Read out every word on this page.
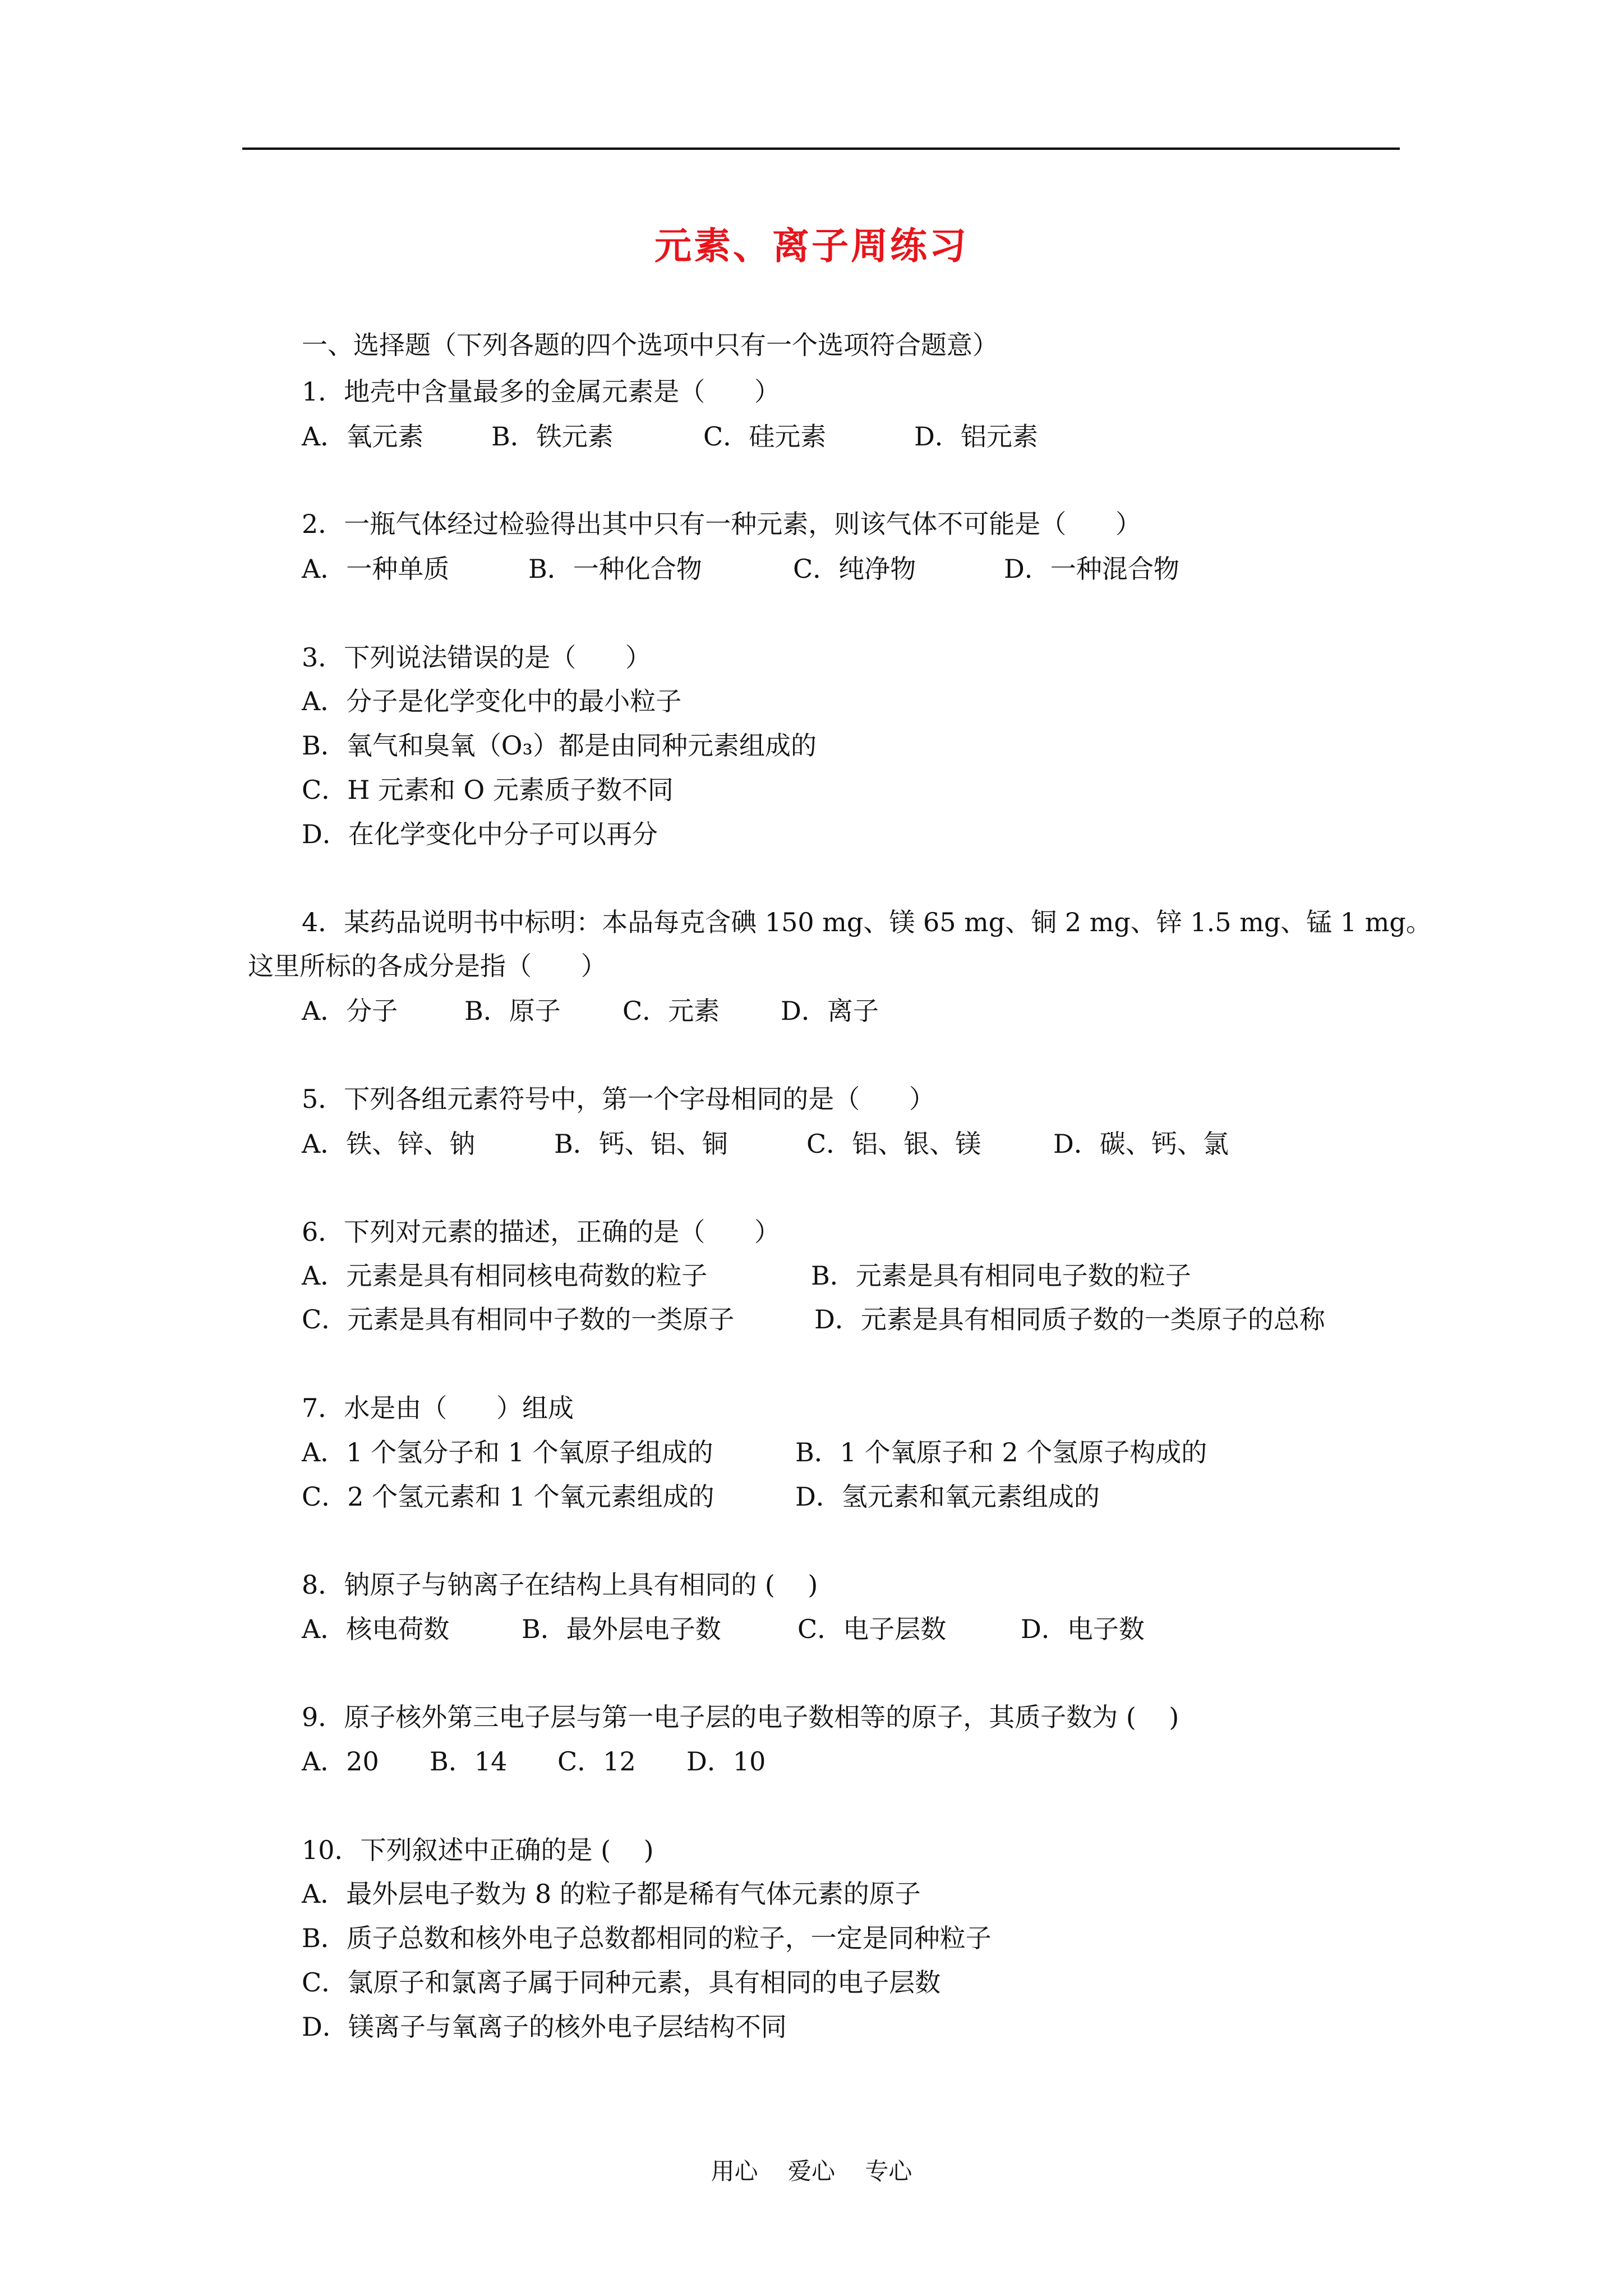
元素、离子周练习
一、选择题（下列各题的四个选项中只有一个选项符合题意）
1．地壳中含量最多的金属元素是（      ）
A．氧元素	B．铁元素	C．硅元素	D．铝元素
2．一瓶气体经过检验得出其中只有一种元素，则该气体不可能是（      ）
A．一种单质	B．一种化合物	C．纯净物	D．一种混合物
3．下列说法错误的是（      ）
A．分子是化学变化中的最小粒子
B．氧气和臭氧（O₃）都是由同种元素组成的
C．H 元素和 O 元素质子数不同
D．在化学变化中分子可以再分
4．某药品说明书中标明：本品每克含碘 150 mg、镁 65 mg、铜 2 mg、锌 1.5 mg、锰 1 mg。
这里所标的各成分是指（      ）
A．分子	B．原子 C．元素 D．离子
5．下列各组元素符号中，第一个字母相同的是（      ）
A．铁、锌、钠	B．钙、铝、铜	C．铝、银、镁	D．碳、钙、氯
6．下列对元素的描述，正确的是（      ）
A．元素是具有相同核电荷数的粒子	B．元素是具有相同电子数的粒子
C．元素是具有相同中子数的一类原子	D．元素是具有相同质子数的一类原子的总称
7．水是由（      ）组成
A．1 个氢分子和 1 个氧原子组成的	B．1 个氧原子和 2 个氢原子构成的
C．2 个氢元素和 1 个氧元素组成的	D．氢元素和氧元素组成的
8．钠原子与钠离子在结构上具有相同的 (    )
A．核电荷数	B．最外层电子数	C．电子层数	D．电子数
9．原子核外第三电子层与第一电子层的电子数相等的原子，其质子数为 (    )
A．20 B．14 C．12 D．10
10．下列叙述中正确的是 (    )
A．最外层电子数为 8 的粒子都是稀有气体元素的原子
B．质子总数和核外电子总数都相同的粒子，一定是同种粒子
C．氯原子和氯离子属于同种元素，具有相同的电子层数
D．镁离子与氧离子的核外电子层结构不同
用心    爱心    专心
